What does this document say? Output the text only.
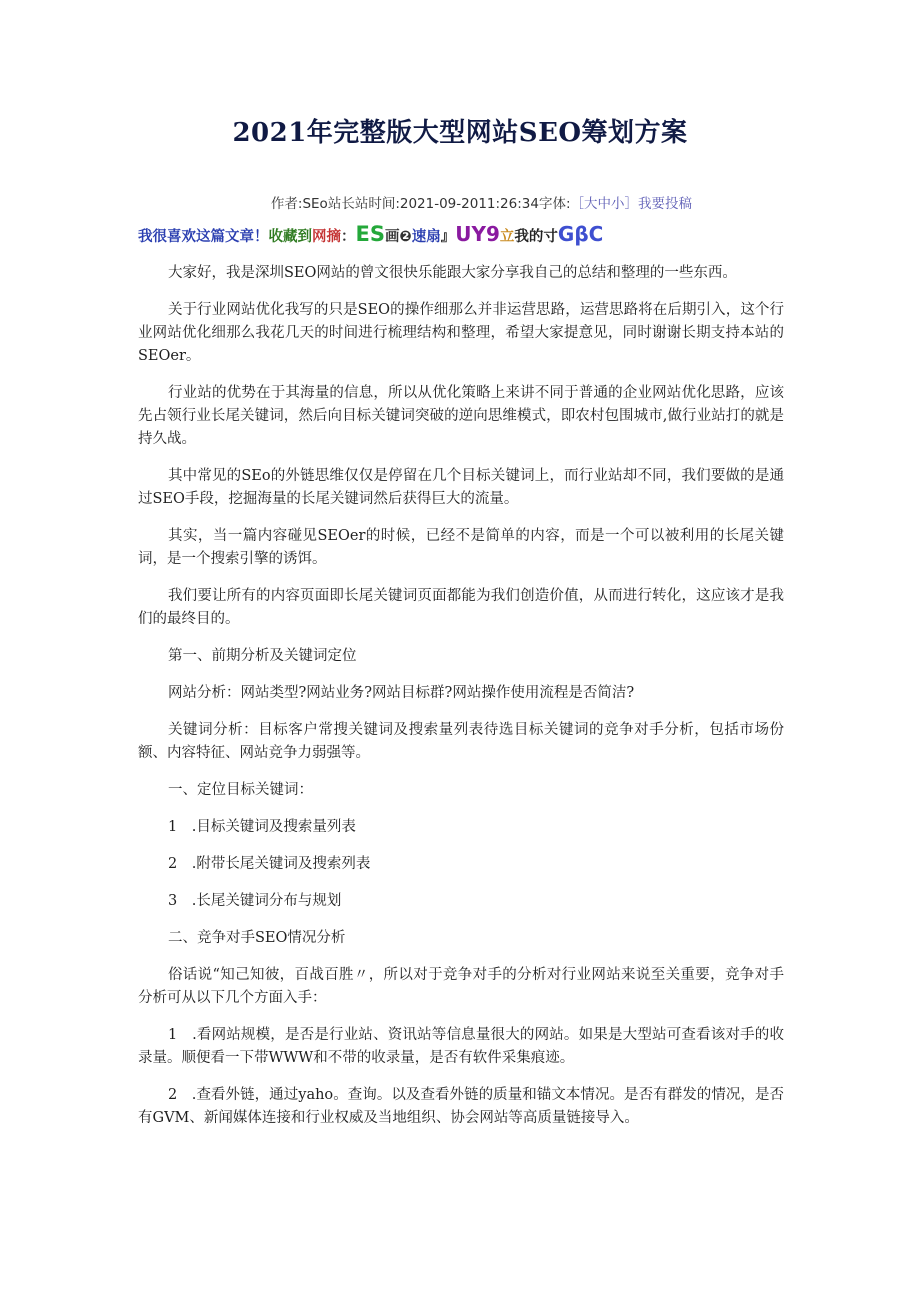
2021年完整版大型网站SEO筹划方案
作者:SEo站长站时间:2021-09-2011:26:34字体:［大中小］我要投稿
我很喜欢这篇文章！收藏到网摘：ES画❷速扇』UY9立我的寸GβC

大家好，我是深圳SEO网站的曾文很快乐能跟大家分享我自己的总结和整理的一些东西。

关于行业网站优化我写的只是SEO的操作细那么并非运营思路，运营思路将在后期引入，这个行业网站优化细那么我花几天的时间进行梳理结构和整理，希望大家提意见，同时谢谢长期支持本站的SEOer。

行业站的优势在于其海量的信息，所以从优化策略上来讲不同于普通的企业网站优化思路，应该先占领行业长尾关键词，然后向目标关键词突破的逆向思维模式，即农村包围城市,做行业站打的就是持久战。

其中常见的SEo的外链思维仅仅是停留在几个目标关键词上，而行业站却不同，我们要做的是通过SEO手段，挖掘海量的长尾关键词然后获得巨大的流量。

其实，当一篇内容碰见SEOer的时候，已经不是简单的内容，而是一个可以被利用的长尾关键词，是一个搜索引擎的诱饵。

我们要让所有的内容页面即长尾关键词页面都能为我们创造价值，从而进行转化，这应该才是我们的最终目的。

第一、前期分析及关键词定位

网站分析：网站类型?网站业务?网站目标群?网站操作使用流程是否简洁?

关键词分析：目标客户常搜关键词及搜索量列表待选目标关键词的竞争对手分析，包括市场份额、内容特征、网站竞争力弱强等。

一、定位目标关键词：

1　.目标关键词及搜索量列表

2　.附带长尾关键词及搜索列表

3　.长尾关键词分布与规划

二、竞争对手SEO情况分析

俗话说“知己知彼，百战百胜〃，所以对于竞争对手的分析对行业网站来说至关重要，竞争对手分析可从以下几个方面入手：

1　.看网站规模，是否是行业站、资讯站等信息量很大的网站。如果是大型站可查看该对手的收录量。顺便看一下带WWW和不带的收录量，是否有软件采集痕迹。

2　.查看外链，通过yaho。查询。以及查看外链的质量和锚文本情况。是否有群发的情况，是否有GVM、新闻媒体连接和行业权威及当地组织、协会网站等高质量链接导入。
